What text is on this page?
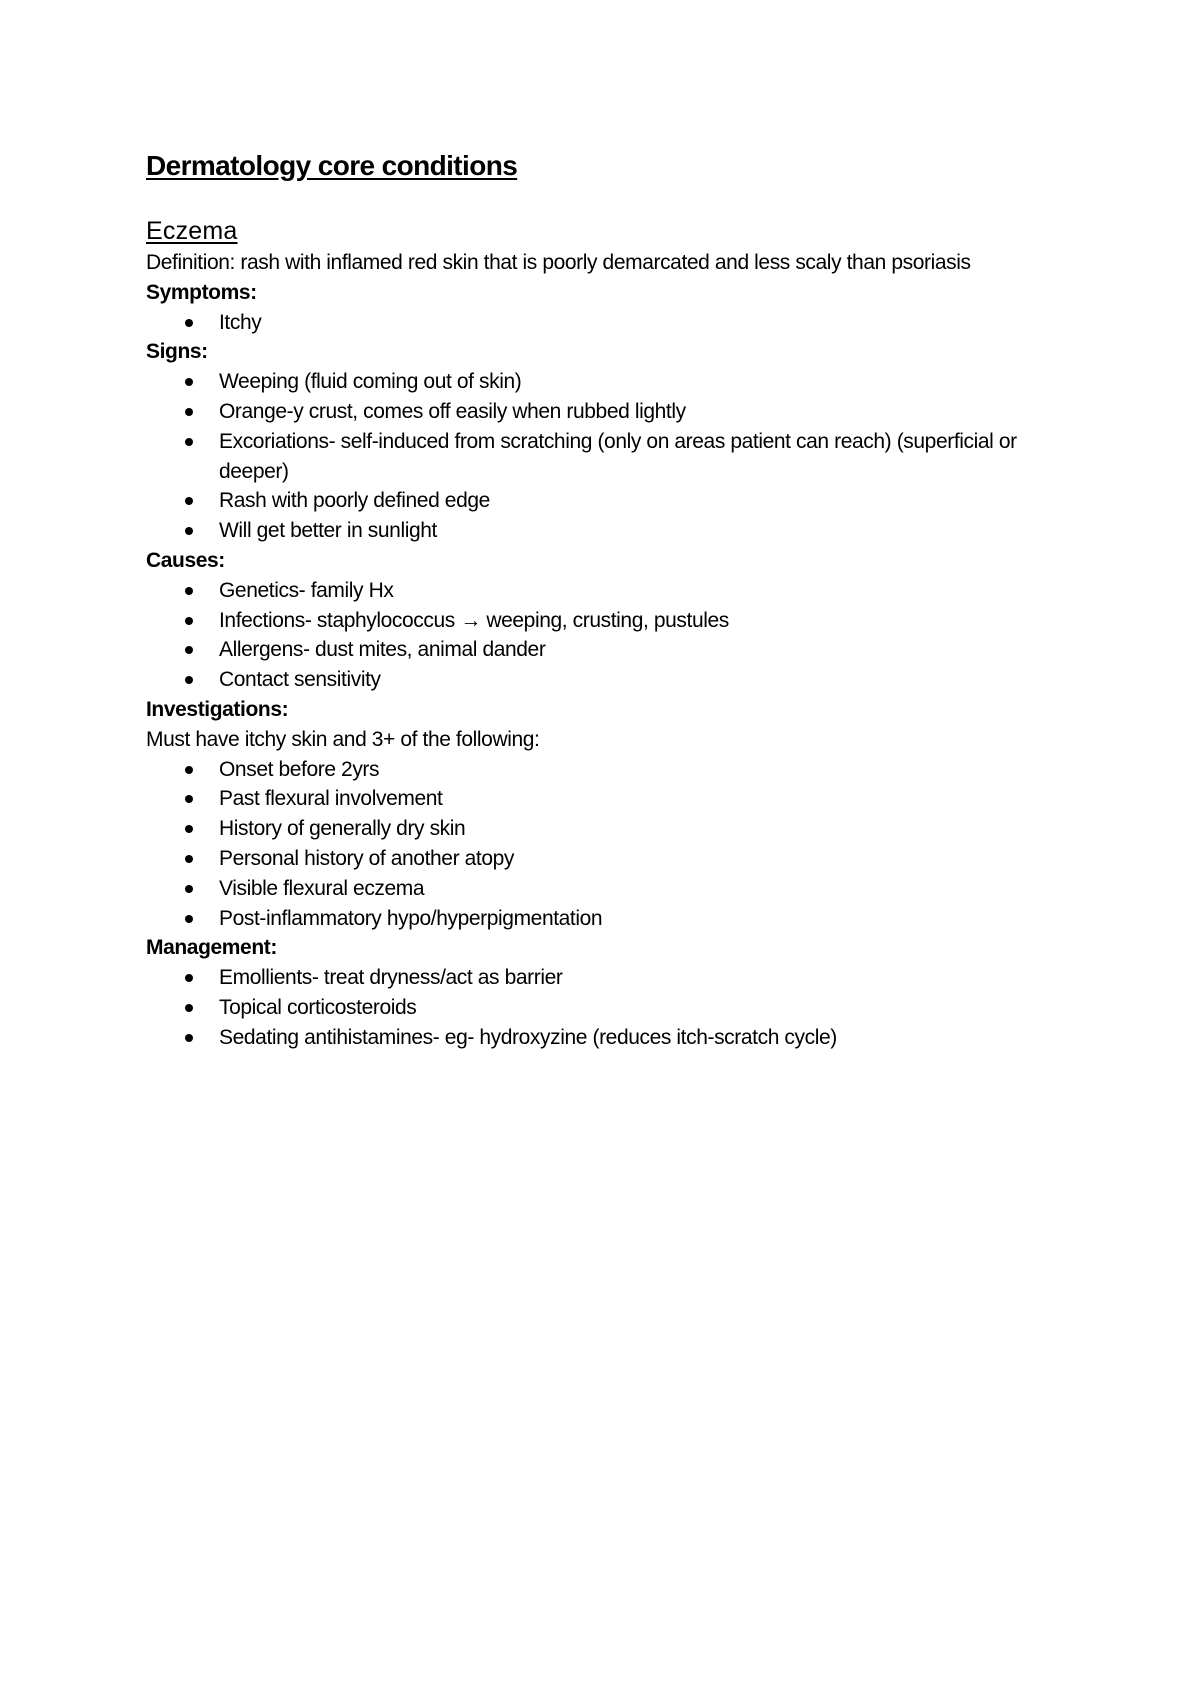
Dermatology core conditions
Eczema

Definition: rash with inflamed red skin that is poorly demarcated and less scaly than psoriasis

Symptoms:

Itchy

Signs:

Weeping (fluid coming out of skin)
Orange-y crust, comes off easily when rubbed lightly
Excoriations- self-induced from scratching (only on areas patient can reach) (superficial or deeper)
Rash with poorly defined edge
Will get better in sunlight

Causes:

Genetics- family Hx
Infections- staphylococcus → weeping, crusting, pustules
Allergens- dust mites, animal dander
Contact sensitivity

Investigations:

Must have itchy skin and 3+ of the following:

Onset before 2yrs
Past flexural involvement
History of generally dry skin
Personal history of another atopy
Visible flexural eczema
Post-inflammatory hypo/hyperpigmentation

Management:

Emollients- treat dryness/act as barrier
Topical corticosteroids
Sedating antihistamines- eg- hydroxyzine (reduces itch-scratch cycle)
